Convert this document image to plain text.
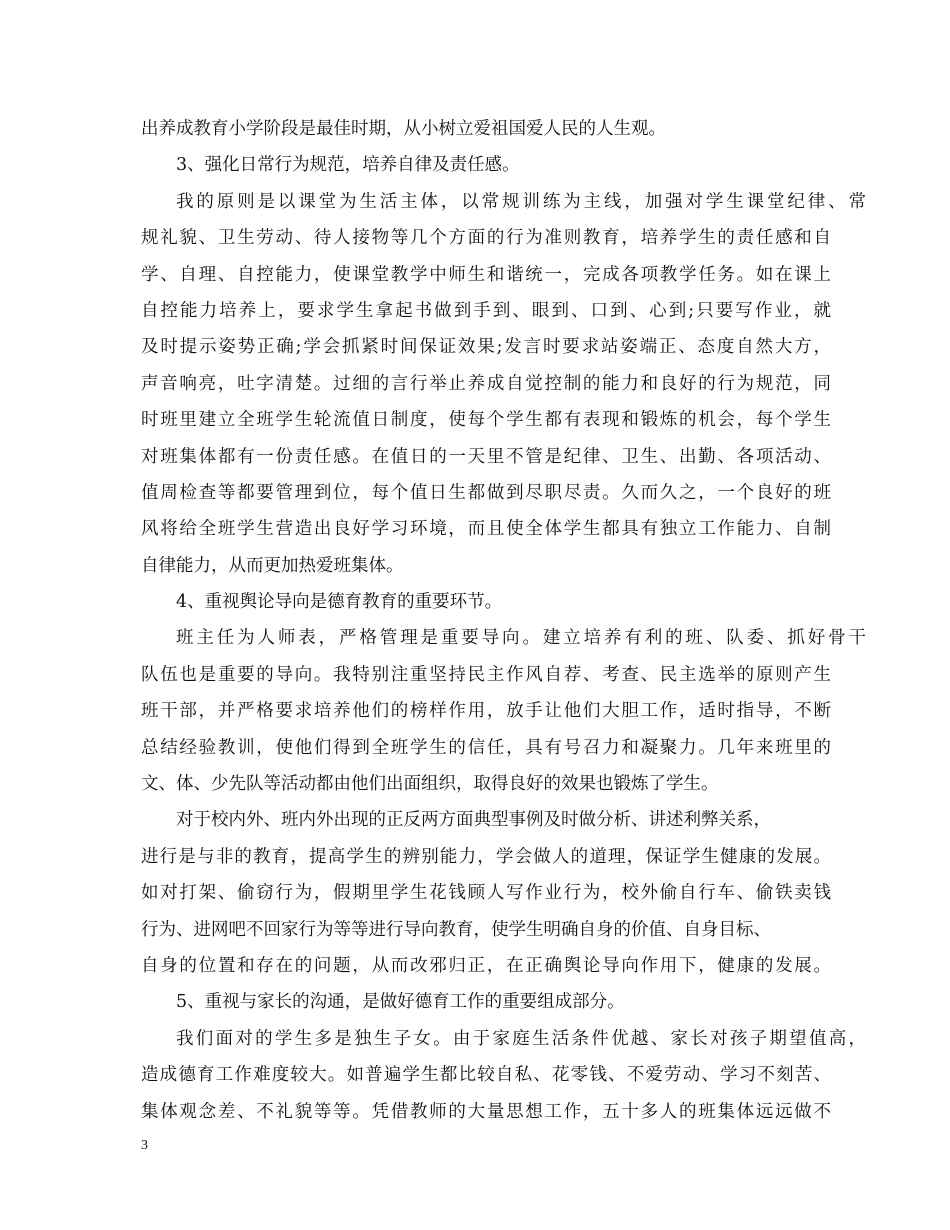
出养成教育小学阶段是最佳时期，从小树立爱祖国爱人民的人生观。
3、强化日常行为规范，培养自律及责任感。
我的原则是以课堂为生活主体，以常规训练为主线，加强对学生课堂纪律、常
规礼貌、卫生劳动、待人接物等几个方面的行为准则教育，培养学生的责任感和自
学、自理、自控能力，使课堂教学中师生和谐统一，完成各项教学任务。如在课上
自控能力培养上，要求学生拿起书做到手到、眼到、口到、心到;只要写作业，就
及时提示姿势正确;学会抓紧时间保证效果;发言时要求站姿端正、态度自然大方，
声音响亮，吐字清楚。过细的言行举止养成自觉控制的能力和良好的行为规范，同
时班里建立全班学生轮流值日制度，使每个学生都有表现和锻炼的机会，每个学生
对班集体都有一份责任感。在值日的一天里不管是纪律、卫生、出勤、各项活动、
值周检查等都要管理到位，每个值日生都做到尽职尽责。久而久之，一个良好的班
风将给全班学生营造出良好学习环境，而且使全体学生都具有独立工作能力、自制
自律能力，从而更加热爱班集体。
4、重视舆论导向是德育教育的重要环节。
班主任为人师表，严格管理是重要导向。建立培养有利的班、队委、抓好骨干
队伍也是重要的导向。我特别注重坚持民主作风自荐、考查、民主选举的原则产生
班干部，并严格要求培养他们的榜样作用，放手让他们大胆工作，适时指导，不断
总结经验教训，使他们得到全班学生的信任，具有号召力和凝聚力。几年来班里的
文、体、少先队等活动都由他们出面组织，取得良好的效果也锻炼了学生。
对于校内外、班内外出现的正反两方面典型事例及时做分析、讲述利弊关系，
进行是与非的教育，提高学生的辨别能力，学会做人的道理，保证学生健康的发展。
如对打架、偷窃行为，假期里学生花钱顾人写作业行为，校外偷自行车、偷铁卖钱
行为、进网吧不回家行为等等进行导向教育，使学生明确自身的价值、自身目标、
自身的位置和存在的问题，从而改邪归正，在正确舆论导向作用下，健康的发展。
5、重视与家长的沟通，是做好德育工作的重要组成部分。
我们面对的学生多是独生子女。由于家庭生活条件优越、家长对孩子期望值高，
造成德育工作难度较大。如普遍学生都比较自私、花零钱、不爱劳动、学习不刻苦、
集体观念差、不礼貌等等。凭借教师的大量思想工作，五十多人的班集体远远做不
3
